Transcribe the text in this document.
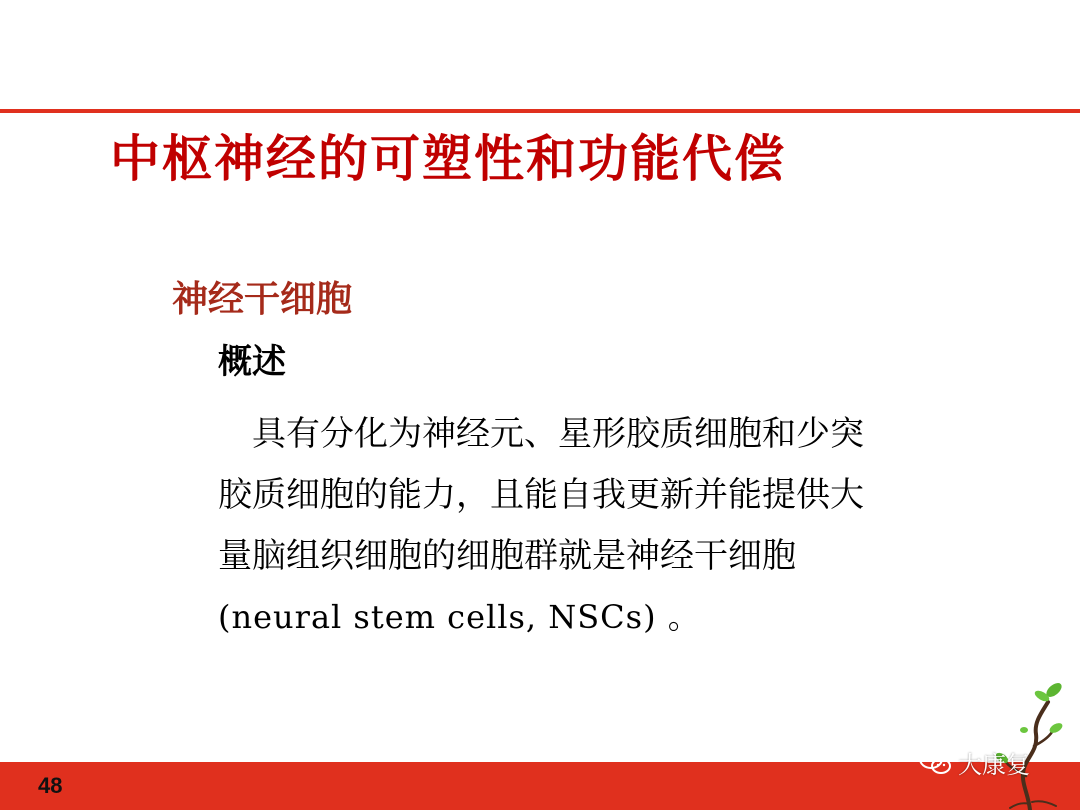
中枢神经的可塑性和功能代偿
神经干细胞
概述
　具有分化为神经元、星形胶质细胞和少突
胶质细胞的能力，且能自我更新并能提供大
量脑组织细胞的细胞群就是神经干细胞
(neural stem cells, NSCs) 。
48
大康复
